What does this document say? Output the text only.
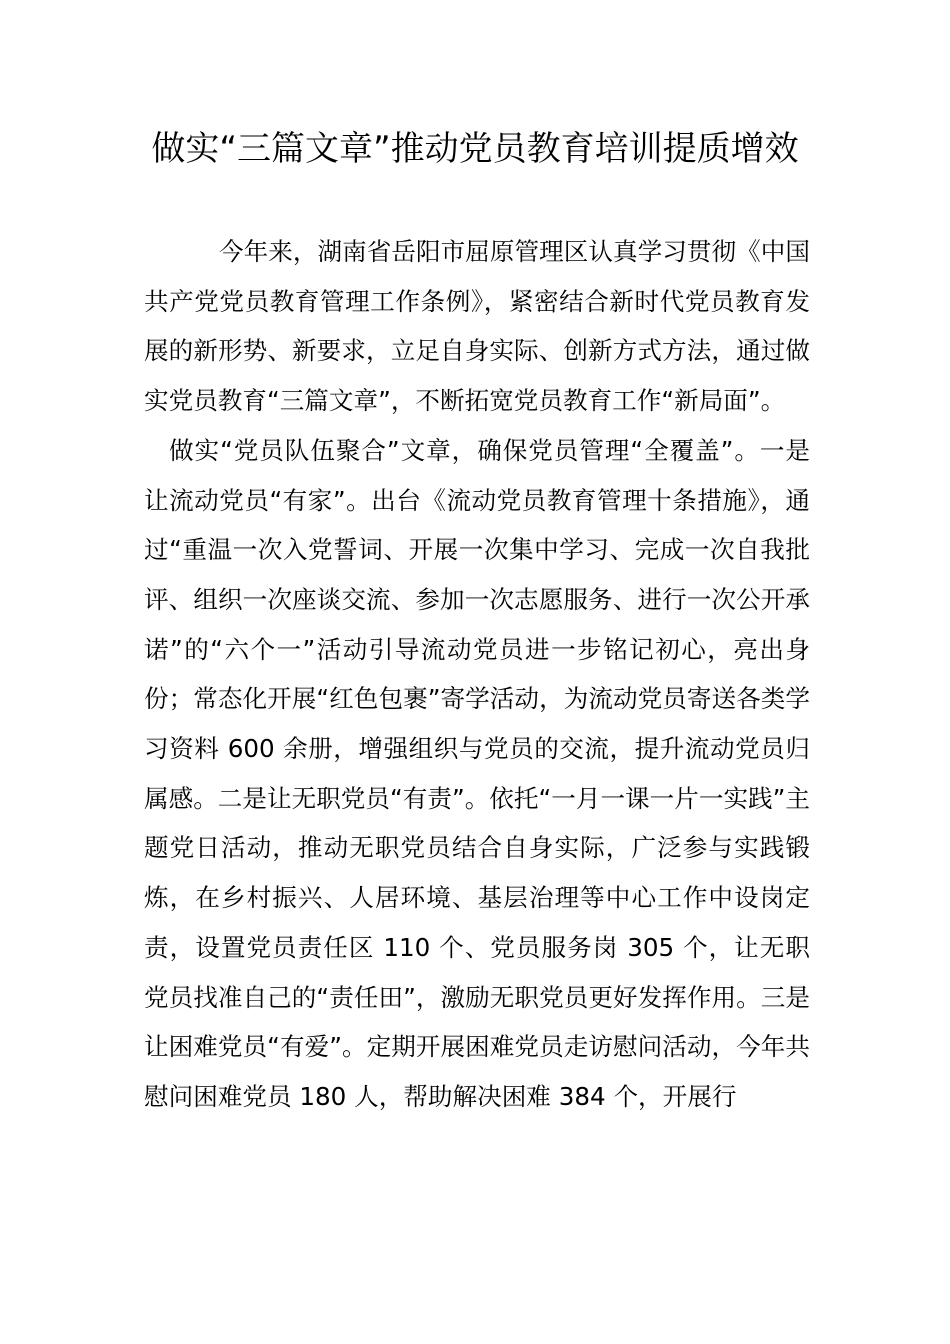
做实“三篇文章”推动党员教育培训提质增效

今年来，湖南省岳阳市屈原管理区认真学习贯彻《中国共产党党员教育管理工作条例》，紧密结合新时代党员教育发展的新形势、新要求，立足自身实际、创新方式方法，通过做实党员教育“三篇文章”，不断拓宽党员教育工作“新局面”。

做实“党员队伍聚合”文章，确保党员管理“全覆盖”。一是让流动党员“有家”。出台《流动党员教育管理十条措施》，通过“重温一次入党誓词、开展一次集中学习、完成一次自我批评、组织一次座谈交流、参加一次志愿服务、进行一次公开承诺”的“六个一”活动引导流动党员进一步铭记初心，亮出身份；常态化开展“红色包裹”寄学活动，为流动党员寄送各类学习资料 600 余册，增强组织与党员的交流，提升流动党员归属感。二是让无职党员“有责”。依托“一月一课一片一实践”主题党日活动，推动无职党员结合自身实际，广泛参与实践锻炼，在乡村振兴、人居环境、基层治理等中心工作中设岗定责，设置党员责任区 110 个、党员服务岗 305 个，让无职党员找准自己的“责任田”，激励无职党员更好发挥作用。三是让困难党员“有爱”。定期开展困难党员走访慰问活动，今年共慰问困难党员 180 人，帮助解决困难 384 个，开展行
